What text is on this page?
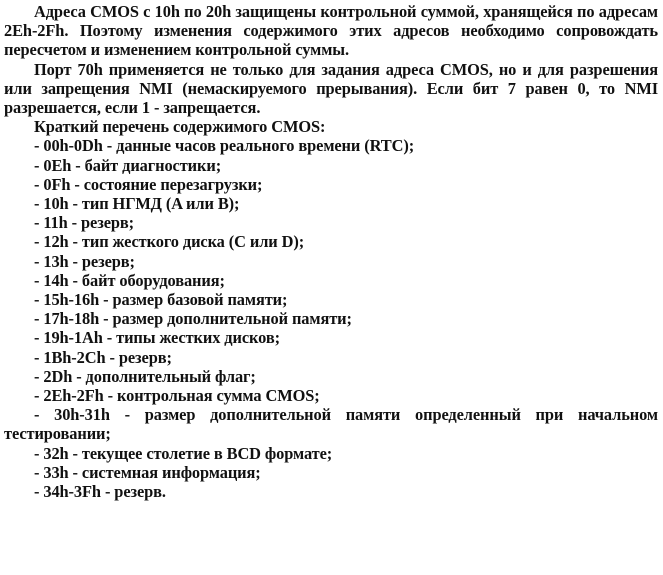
Адреса CMOS с 10h по 20h защищены контрольной суммой, хранящейся по адресам 2Eh-2Fh. Поэтому изменения содержимого этих адресов необходимо сопровождать пересчетом и изменением контрольной суммы.

Порт 70h применяется не только для задания адреса CMOS, но и для разрешения или запрещения NMI (немаскируемого прерывания). Если бит 7 равен 0, то NMI разрешается, если 1 - запрещается.

Краткий перечень содержимого CMOS:

- 00h-0Dh - данные часов реального времени (RTC);
- 0Eh - байт диагностики;
- 0Fh - состояние перезагрузки;
- 10h - тип НГМД (A или B);
- 11h - резерв;
- 12h - тип жесткого диска (C или D);
- 13h - резерв;
- 14h - байт оборудования;
- 15h-16h - размер базовой памяти;
- 17h-18h - размер дополнительной памяти;
- 19h-1Ah - типы жестких дисков;
- 1Bh-2Ch - резерв;
- 2Dh - дополнительный флаг;
- 2Eh-2Fh - контрольная сумма CMOS;
- 30h-31h - размер дополнительной памяти определенный при начальном тестировании;
- 32h - текущее столетие в BCD формате;
- 33h - системная информация;
- 34h-3Fh - резерв.
